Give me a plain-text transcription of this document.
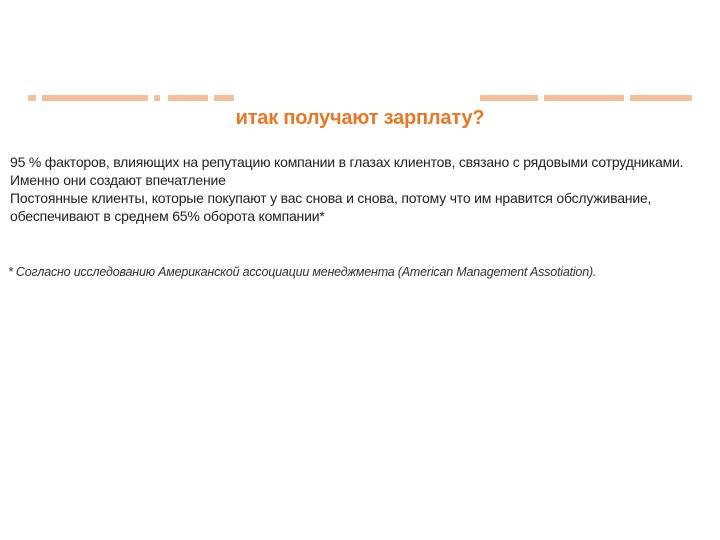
итак получают зарплату?

95 % факторов, влияющих на репутацию компании в глазах клиентов, связано с рядовыми сотрудниками. Именно они создают впечатление

Постоянные клиенты, которые покупают у вас снова и снова, потому что им нравится обслуживание, обеспечивают в среднем 65% оборота компании*

* Согласно исследованию Американской ассоциации менеджмента (American Management Assotiation).
